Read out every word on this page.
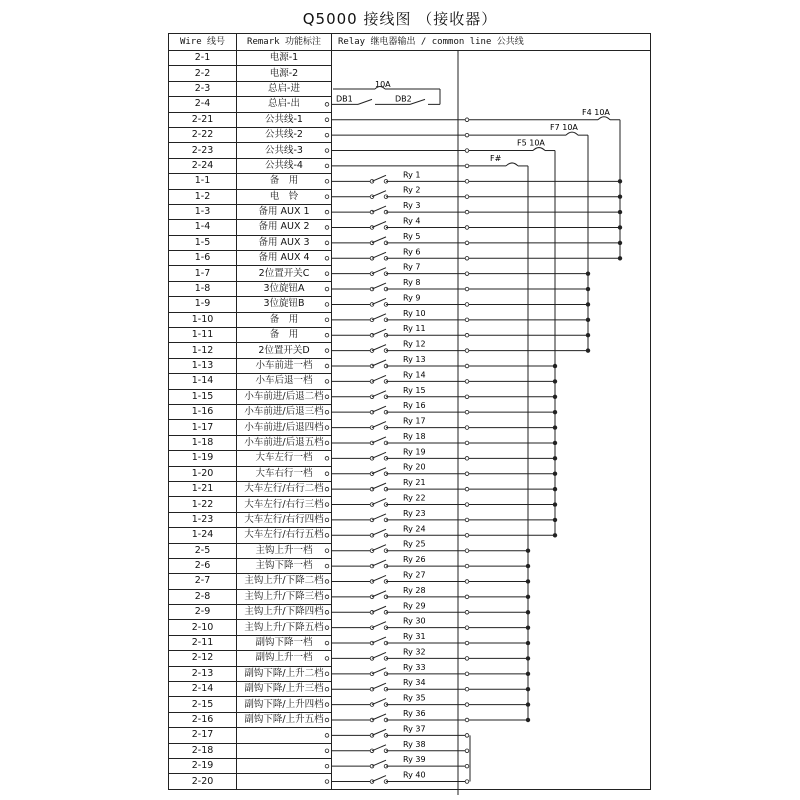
Q5000 接线图 （接收器）
Wire 线号	Remark 功能标注	Relay 继电器输出 / common line 公共线
2-1	电源-1	
2-2	电源-2	
2-3	总启-进	
2-4	总启-出	
2-21	公共线-1	
2-22	公共线-2	
2-23	公共线-3	
2-24	公共线-4	
1-1	备　用	
1-2	电　铃	
1-3	备用 AUX 1	
1-4	备用 AUX 2	
1-5	备用 AUX 3	
1-6	备用 AUX 4	
1-7	2位置开关C	
1-8	3位旋钮A	
1-9	3位旋钮B	
1-10	备　用	
1-11	备　用	
1-12	2位置开关D	
1-13	小车前进一档	
1-14	小车后退一档	
1-15	小车前进/后退二档	
1-16	小车前进/后退三档	
1-17	小车前进/后退四档	
1-18	小车前进/后退五档	
1-19	大车左行一档	
1-20	大车右行一档	
1-21	大车左行/右行二档	
1-22	大车左行/右行三档	
1-23	大车左行/右行四档	
1-24	大车左行/右行五档	
2-5	主钩上升一档	
2-6	主钩下降一档	
2-7	主钩上升/下降二档	
2-8	主钩上升/下降三档	
2-9	主钩上升/下降四档	
2-10	主钩上升/下降五档	
2-11	副钩下降一档	
2-12	副钩上升一档	
2-13	副钩下降/上升二档	
2-14	副钩下降/上升三档	
2-15	副钩下降/上升四档	
2-16	副钩下降/上升五档	
2-17		
2-18		
2-19		
2-20		
10A
DB1	DB2
F4 10A
F7 10A
F5 10A
F#
Ry 1
Ry 2
Ry 3
Ry 4
Ry 5
Ry 6
Ry 7
Ry 8
Ry 9
Ry 10
Ry 11
Ry 12
Ry 13
Ry 14
Ry 15
Ry 16
Ry 17
Ry 18
Ry 19
Ry 20
Ry 21
Ry 22
Ry 23
Ry 24
Ry 25
Ry 26
Ry 27
Ry 28
Ry 29
Ry 30
Ry 31
Ry 32
Ry 33
Ry 34
Ry 35
Ry 36
Ry 37
Ry 38
Ry 39
Ry 40
